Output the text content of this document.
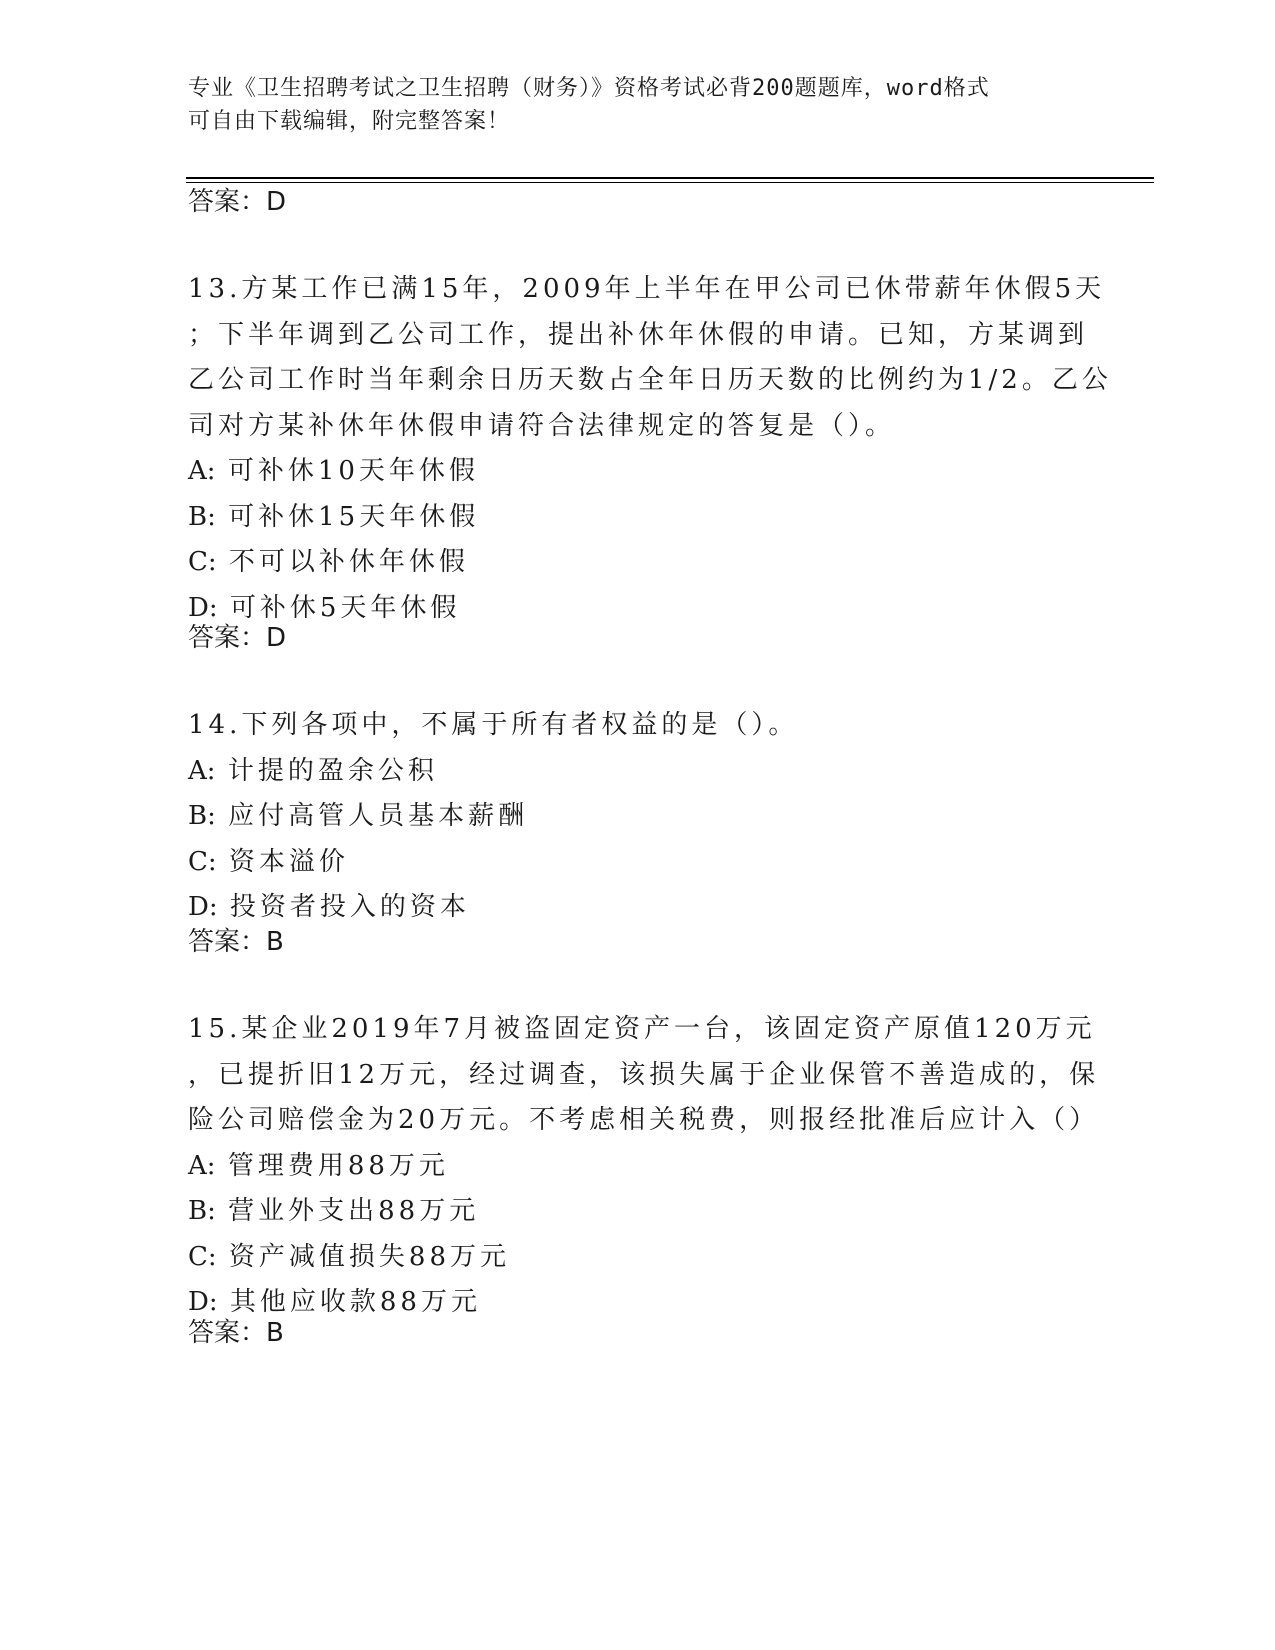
专业《卫生招聘考试之卫生招聘（财务）》资格考试必背200题题库，word格式
可自由下载编辑，附完整答案！
答案：D
13.方某工作已满15年，2009年上半年在甲公司已休带薪年休假5天
；下半年调到乙公司工作，提出补休年休假的申请。已知，方某调到
乙公司工作时当年剩余日历天数占全年日历天数的比例约为1/2。乙公
司对方某补休年休假申请符合法律规定的答复是（）。
A: 可补休10天年休假
B: 可补休15天年休假
C: 不可以补休年休假
D: 可补休5天年休假
答案：D
14.下列各项中，不属于所有者权益的是（）。
A: 计提的盈余公积
B: 应付高管人员基本薪酬
C: 资本溢价
D: 投资者投入的资本
答案：B
15.某企业2019年7月被盗固定资产一台，该固定资产原值120万元
，已提折旧12万元，经过调查，该损失属于企业保管不善造成的，保
险公司赔偿金为20万元。不考虑相关税费，则报经批准后应计入（）
A: 管理费用88万元
B: 营业外支出88万元
C: 资产减值损失88万元
D: 其他应收款88万元
答案：B
